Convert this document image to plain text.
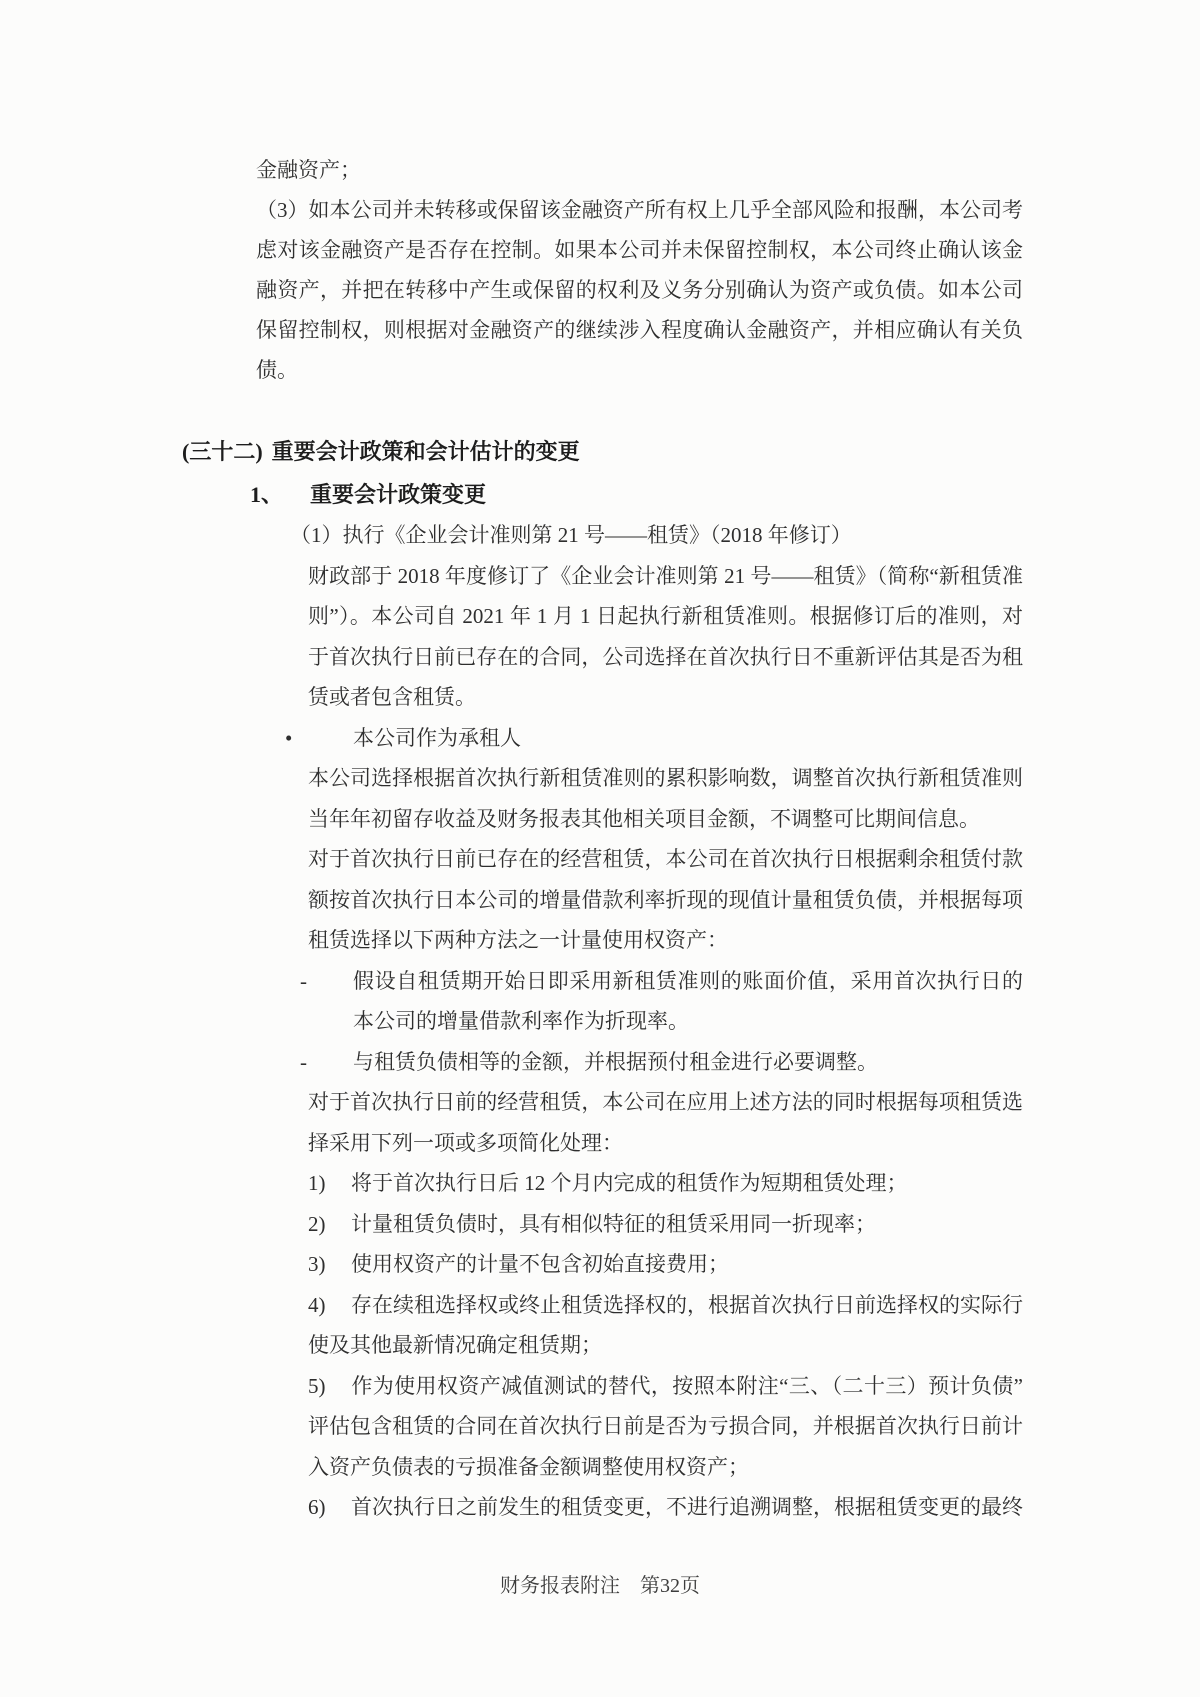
金融资产；

（3）如本公司并未转移或保留该金融资产所有权上几乎全部风险和报酬，本公司考虑对该金融资产是否存在控制。如果本公司并未保留控制权，本公司终止确认该金融资产，并把在转移中产生或保留的权利及义务分别确认为资产或负债。如本公司保留控制权，则根据对金融资产的继续涉入程度确认金融资产，并相应确认有关负债。

(三十二) 重要会计政策和会计估计的变更
1、 重要会计政策变更

（1）执行《企业会计准则第 21 号——租赁》（2018 年修订）

财政部于 2018 年度修订了《企业会计准则第 21 号——租赁》（简称“新租赁准则”）。本公司自 2021 年 1 月 1 日起执行新租赁准则。根据修订后的准则，对于首次执行日前已存在的合同，公司选择在首次执行日不重新评估其是否为租赁或者包含租赁。

•	本公司作为承租人

本公司选择根据首次执行新租赁准则的累积影响数，调整首次执行新租赁准则当年年初留存收益及财务报表其他相关项目金额，不调整可比期间信息。

对于首次执行日前已存在的经营租赁，本公司在首次执行日根据剩余租赁付款额按首次执行日本公司的增量借款利率折现的现值计量租赁负债，并根据每项租赁选择以下两种方法之一计量使用权资产：

- 假设自租赁期开始日即采用新租赁准则的账面价值，采用首次执行日的本公司的增量借款利率作为折现率。

- 与租赁负债相等的金额，并根据预付租金进行必要调整。

对于首次执行日前的经营租赁，本公司在应用上述方法的同时根据每项租赁选择采用下列一项或多项简化处理：

1) 将于首次执行日后 12 个月内完成的租赁作为短期租赁处理；

2) 计量租赁负债时，具有相似特征的租赁采用同一折现率；

3) 使用权资产的计量不包含初始直接费用；

4) 存在续租选择权或终止租赁选择权的，根据首次执行日前选择权的实际行使及其他最新情况确定租赁期；

5) 作为使用权资产减值测试的替代，按照本附注“三、（二十三）预计负债”评估包含租赁的合同在首次执行日前是否为亏损合同，并根据首次执行日前计入资产负债表的亏损准备金额调整使用权资产；

6) 首次执行日之前发生的租赁变更，不进行追溯调整，根据租赁变更的最终

财务报表附注　第32页
